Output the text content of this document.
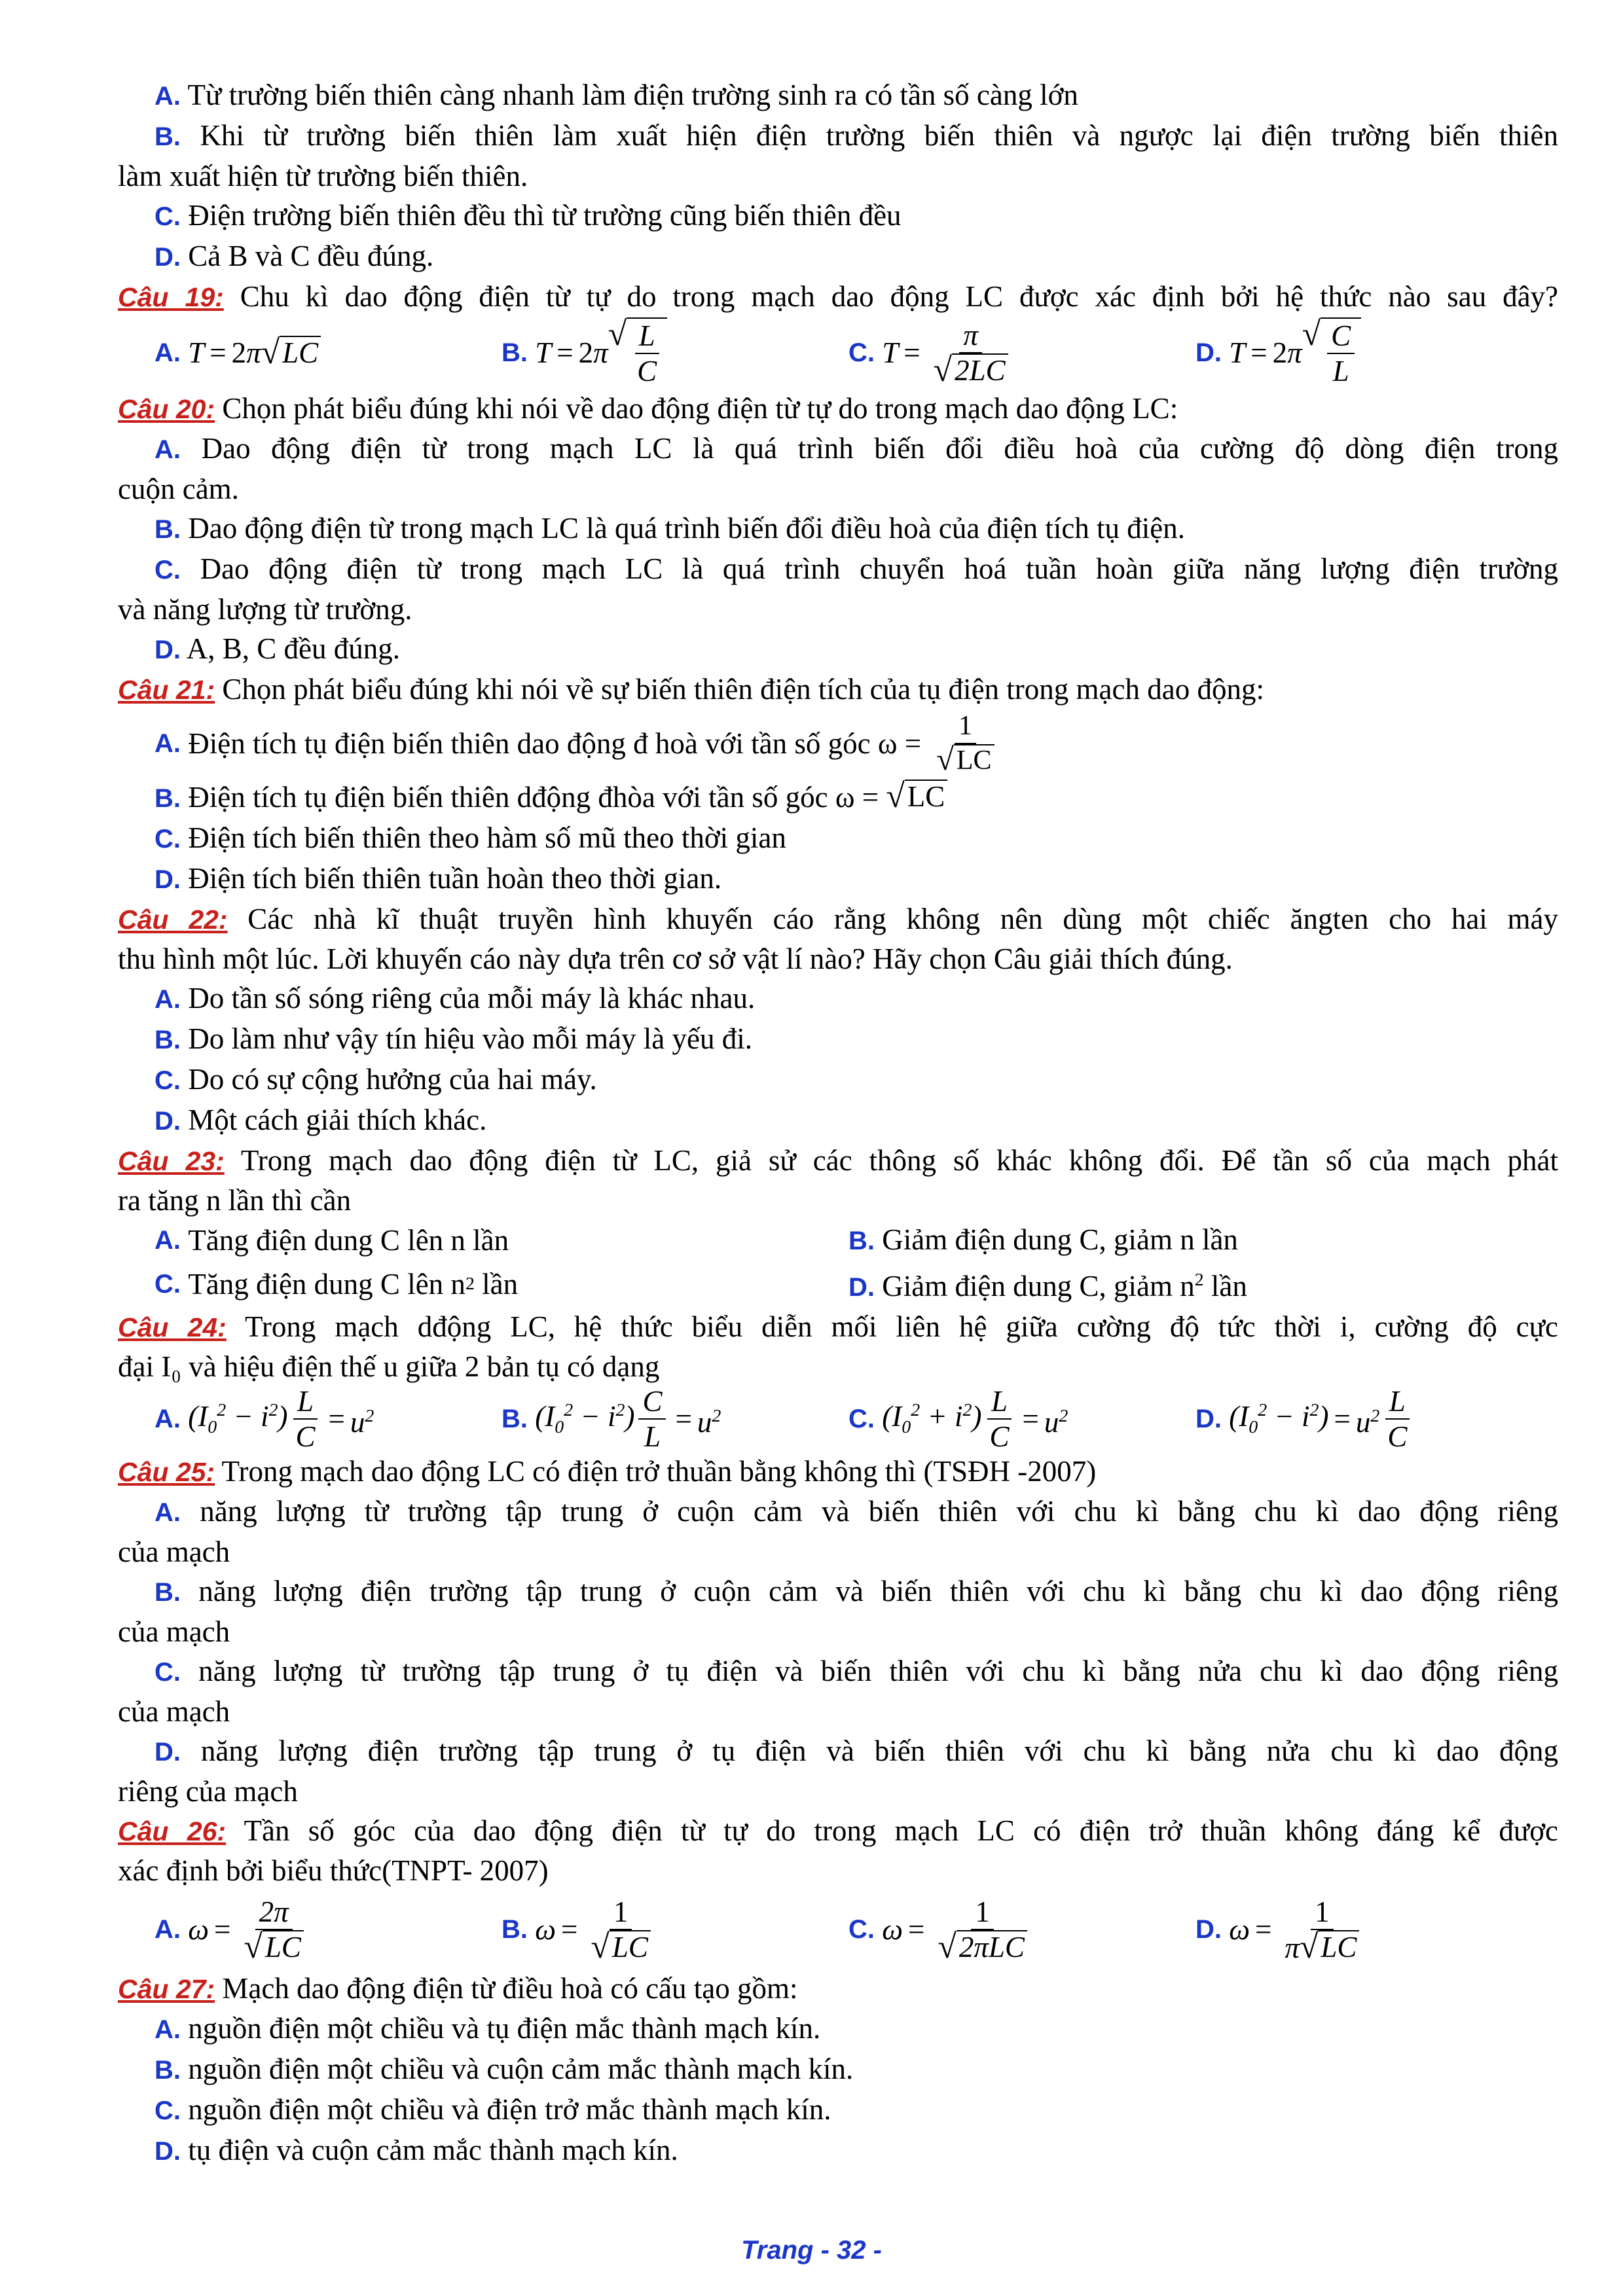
A. Từ trường biến thiên càng nhanh làm điện trường sinh ra có tần số càng lớn
B. Khi từ trường biến thiên làm xuất hiện điện trường biến thiên và ngược lại điện trường biến thiên
làm xuất hiện từ trường biến thiên.
C. Điện trường biến thiên đều thì từ trường cũng biến thiên đều
D. Cả B và C đều đúng.
Câu 19: Chu kì dao động điện từ tự do trong mạch dao động LC được xác định bởi hệ thức nào sau đây?
A.
T = 2 π √ LC	B.
T = 2 π √ $\frac{L}{C}$	C.
$T = \frac{\pi}{√ 2LC}$	D.
T = 2 π √ $\frac{C}{L}$
Câu 20: Chọn phát biểu đúng khi nói về dao động điện từ tự do trong mạch dao động LC:
A. Dao động điện từ trong mạch LC là quá trình biến đổi điều hoà của cường độ dòng điện trong
cuộn cảm.
B. Dao động điện từ trong mạch LC là quá trình biến đổi điều hoà của điện tích tụ điện.
C. Dao động điện từ trong mạch LC là quá trình chuyển hoá tuần hoàn giữa năng lượng điện trường
và năng lượng từ trường.
D. A, B, C đều đúng.
Câu 21: Chọn phát biểu đúng khi nói về sự biến thiên điện tích của tụ điện trong mạch dao động:
A.
Điện tích tụ điện biến thiên dao động đ hoà với tần số góc ω =
$\frac{1}{√ LC}$
B. Điện tích tụ điện biến thiên dđộng đhòa với tần số góc ω = √ LC
C. Điện tích biến thiên theo hàm số mũ theo thời gian
D. Điện tích biến thiên tuần hoàn theo thời gian.
Câu 22: Các nhà kĩ thuật truyền hình khuyến cáo rằng không nên dùng một chiếc ăngten cho hai máy
thu hình một lúc. Lời khuyến cáo này dựa trên cơ sở vật lí nào? Hãy chọn Câu giải thích đúng.
A. Do tần số sóng riêng của mỗi máy là khác nhau.
B. Do làm như vậy tín hiệu vào mỗi máy là yếu đi.
C. Do có sự cộng hưởng của hai máy.
D. Một cách giải thích khác.
Câu 23: Trong mạch dao động điện từ LC, giả sử các thông số khác không đổi. Để tần số của mạch phát
ra tăng n lần thì cần
A.
Tăng điện dung C lên n lần	B. Giảm điện dung C, giảm n lần
C.
Tăng điện dung C lên n 2
lần	D. Giảm điện dung C, giảm $n^2$ lần
Câu 24: Trong mạch dđộng LC, hệ thức biểu diễn mối liên hệ giữa cường độ tức thời i, cường độ cực
đại I₀ và hiệu điện thế u giữa 2 bản tụ có dạng
A.
$(I_0^2 - i^2) \frac{L}{C} = u^2$	B.
$(I_0^2 - i^2) \frac{C}{L} = u^2$	C.
$(I_0^2 + i^2) \frac{L}{C} = u^2$	D.
$(I_0^2 - i^2) = u^2 \frac{L}{C}$
Câu 25: Trong mạch dao động LC có điện trở thuần bằng không thì (TSĐH -2007)
A. năng lượng từ trường tập trung ở cuộn cảm và biến thiên với chu kì bằng chu kì dao động riêng
của mạch
B. năng lượng điện trường tập trung ở cuộn cảm và biến thiên với chu kì bằng chu kì dao động riêng
của mạch
C. năng lượng từ trường tập trung ở tụ điện và biến thiên với chu kì bằng nửa chu kì dao động riêng
của mạch
D. năng lượng điện trường tập trung ở tụ điện và biến thiên với chu kì bằng nửa chu kì dao động
riêng của mạch
Câu 26: Tần số góc của dao động điện từ tự do trong mạch LC có điện trở thuần không đáng kể được
xác định bởi biểu thức(TNPT- 2007)
A.
$\omega = \frac{2\pi}{√ LC}$	B.
$\omega = \frac{1}{√ LC}$	C.
$\omega = \frac{1}{\text{√ 2πLC}}$	D.
$\omega = \frac{1}{\pi √ LC}$
Câu 27: Mạch dao động điện từ điều hoà có cấu tạo gồm:
A. nguồn điện một chiều và tụ điện mắc thành mạch kín.
B. nguồn điện một chiều và cuộn cảm mắc thành mạch kín.
C. nguồn điện một chiều và điện trở mắc thành mạch kín.
D. tụ điện và cuộn cảm mắc thành mạch kín.
Trang - 32 -
